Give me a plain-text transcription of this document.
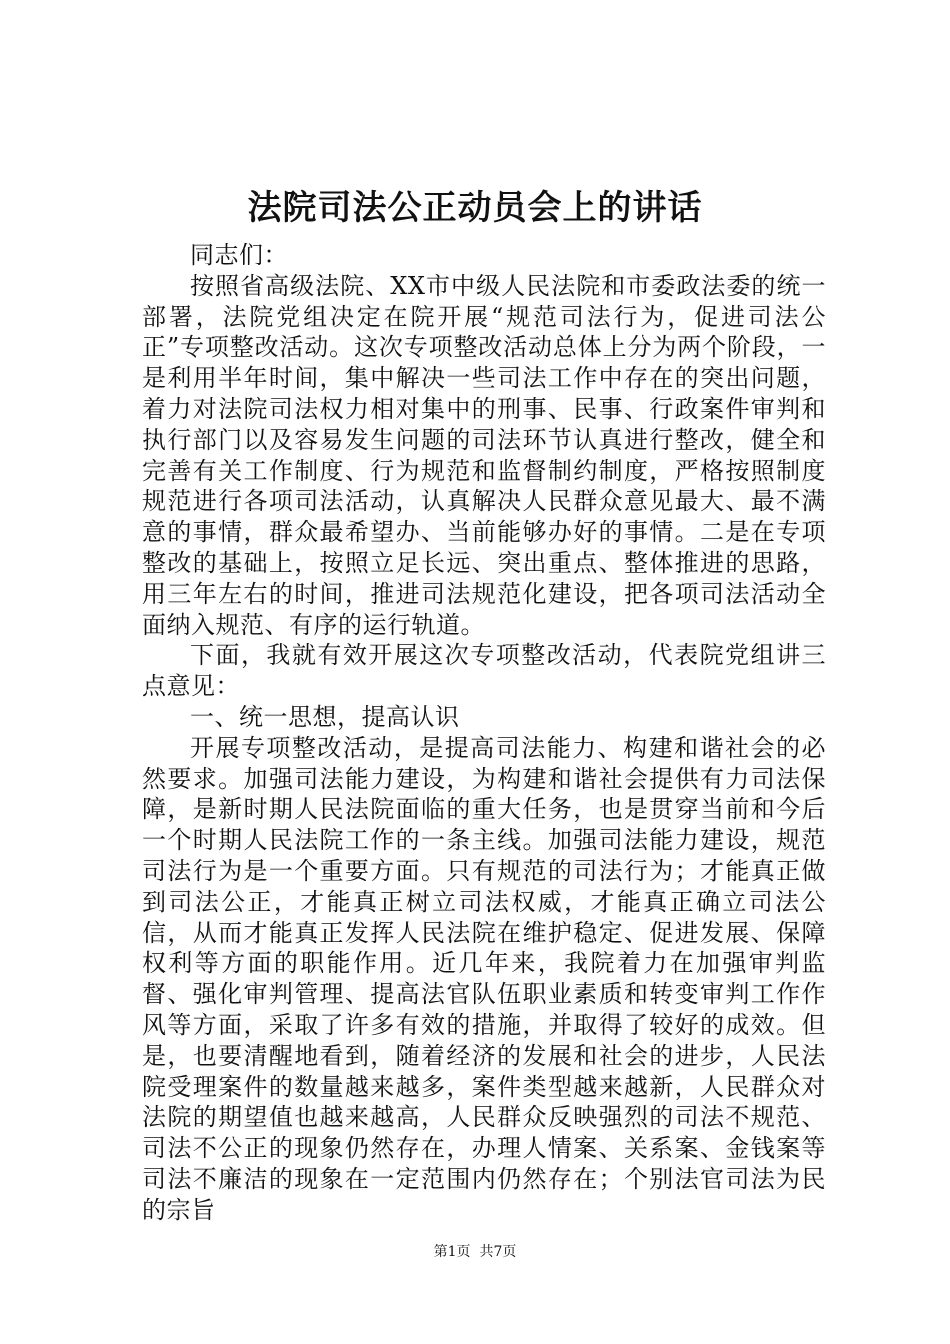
法院司法公正动员会上的讲话

同志们：

按照省高级法院、XX市中级人民法院和市委政法委的统一部署，法院党组决定在院开展“规范司法行为，促进司法公正”专项整改活动。这次专项整改活动总体上分为两个阶段，一是利用半年时间，集中解决一些司法工作中存在的突出问题，着力对法院司法权力相对集中的刑事、民事、行政案件审判和执行部门以及容易发生问题的司法环节认真进行整改，健全和完善有关工作制度、行为规范和监督制约制度，严格按照制度规范进行各项司法活动，认真解决人民群众意见最大、最不满意的事情，群众最希望办、当前能够办好的事情。二是在专项整改的基础上，按照立足长远、突出重点、整体推进的思路，用三年左右的时间，推进司法规范化建设，把各项司法活动全面纳入规范、有序的运行轨道。

下面，我就有效开展这次专项整改活动，代表院党组讲三点意见：

一、统一思想，提高认识

开展专项整改活动，是提高司法能力、构建和谐社会的必然要求。加强司法能力建设，为构建和谐社会提供有力司法保障，是新时期人民法院面临的重大任务，也是贯穿当前和今后一个时期人民法院工作的一条主线。加强司法能力建设，规范司法行为是一个重要方面。只有规范的司法行为；才能真正做到司法公正，才能真正树立司法权威，才能真正确立司法公信，从而才能真正发挥人民法院在维护稳定、促进发展、保障权利等方面的职能作用。近几年来，我院着力在加强审判监督、强化审判管理、提高法官队伍职业素质和转变审判工作作风等方面，采取了许多有效的措施，并取得了较好的成效。但是，也要清醒地看到，随着经济的发展和社会的进步，人民法院受理案件的数量越来越多，案件类型越来越新，人民群众对法院的期望值也越来越高，人民群众反映强烈的司法不规范、司法不公正的现象仍然存在，办理人情案、关系案、金钱案等司法不廉洁的现象在一定范围内仍然存在；个别法官司法为民的宗旨

第1页 共7页
